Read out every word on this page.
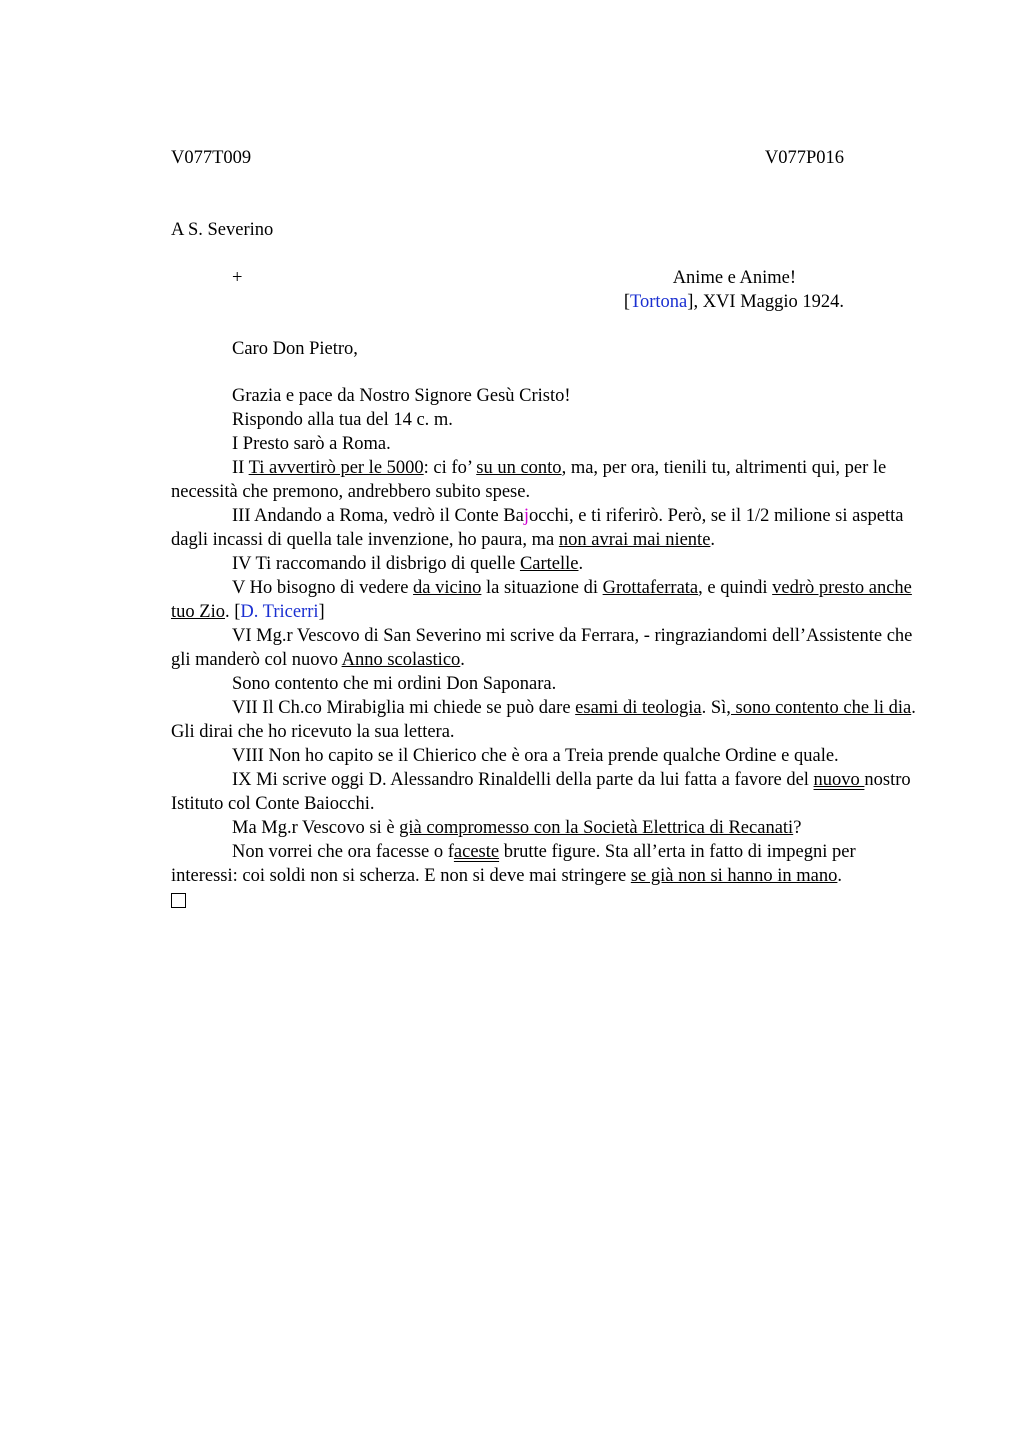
V077T009	V077P016
A S. Severino
+	Anime e Anime!
[Tortona], XVI Maggio 1924.
Caro Don Pietro,

Grazia e pace da Nostro Signore Gesù Cristo!

Rispondo alla tua del 14 c. m.

I Presto sarò a Roma.

II Ti avvertirò per le 5000: ci fo’ su un conto, ma, per ora, tienili tu, altrimenti qui, per le necessità che premono, andrebbero subito spese.

III Andando a Roma, vedrò il Conte Bajocchi, e ti riferirò. Però, se il 1/2 milione si aspetta dagli incassi di quella tale invenzione, ho paura, ma non avrai mai niente.

IV Ti raccomando il disbrigo di quelle Cartelle.

V Ho bisogno di vedere da vicino la situazione di Grottaferrata, e quindi vedrò presto anche tuo Zio. [D. Tricerri]

VI Mg.r Vescovo di San Severino mi scrive da Ferrara, - ringraziandomi dell’Assistente che gli manderò col nuovo Anno scolastico.

Sono contento che mi ordini Don Saponara.

VII Il Ch.co Mirabiglia mi chiede se può dare esami di teologia. Sì, sono contento che li dia. Gli dirai che ho ricevuto la sua lettera.

VIII Non ho capito se il Chierico che è ora a Treia prende qualche Ordine e quale.

IX Mi scrive oggi D. Alessandro Rinaldelli della parte da lui fatta a favore del nuovo nostro Istituto col Conte Baiocchi.

Ma Mg.r Vescovo si è già compromesso con la Società Elettrica di Recanati?

Non vorrei che ora facesse o faceste brutte figure. Sta all’erta in fatto di impegni per interessi: coi soldi non si scherza. E non si deve mai stringere se già non si hanno in mano.
